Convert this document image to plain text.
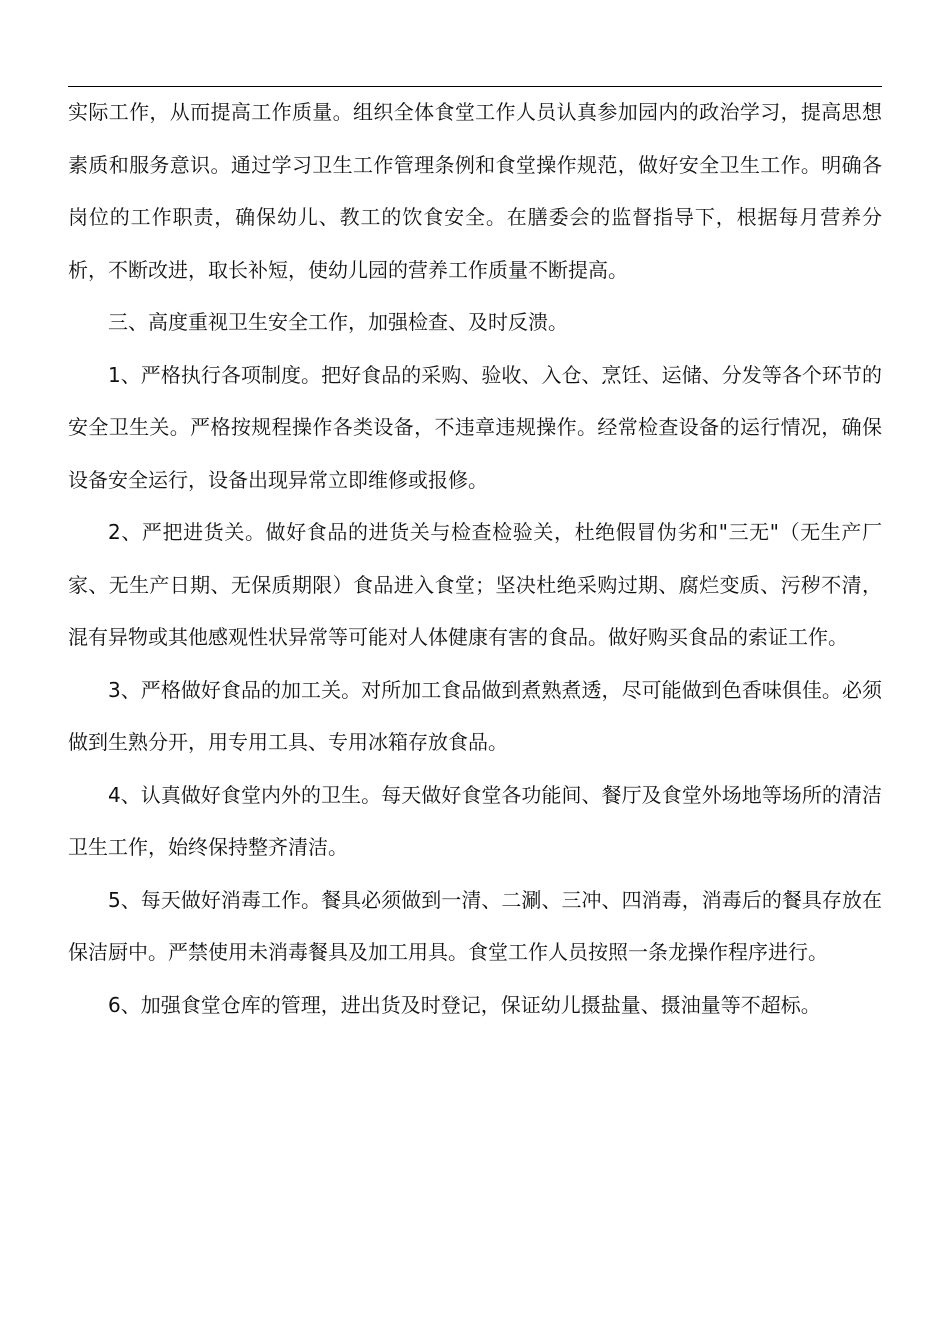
实际工作，从而提高工作质量。组织全体食堂工作人员认真参加园内的政治学习，提高思想素质和服务意识。通过学习卫生工作管理条例和食堂操作规范，做好安全卫生工作。明确各岗位的工作职责，确保幼儿、教工的饮食安全。在膳委会的监督指导下，根据每月营养分析，不断改进，取长补短，使幼儿园的营养工作质量不断提高。

三、高度重视卫生安全工作，加强检查、及时反溃。

1、严格执行各项制度。把好食品的采购、验收、入仓、烹饪、运储、分发等各个环节的安全卫生关。严格按规程操作各类设备，不违章违规操作。经常检查设备的运行情况，确保设备安全运行，设备出现异常立即维修或报修。

2、严把进货关。做好食品的进货关与检查检验关，杜绝假冒伪劣和"三无"（无生产厂家、无生产日期、无保质期限）食品进入食堂；坚决杜绝采购过期、腐烂变质、污秽不清，混有异物或其他感观性状异常等可能对人体健康有害的食品。做好购买食品的索证工作。

3、严格做好食品的加工关。对所加工食品做到煮熟煮透，尽可能做到色香味俱佳。必须做到生熟分开，用专用工具、专用冰箱存放食品。

4、认真做好食堂内外的卫生。每天做好食堂各功能间、餐厅及食堂外场地等场所的清洁卫生工作，始终保持整齐清洁。

5、每天做好消毒工作。餐具必须做到一清、二涮、三冲、四消毒，消毒后的餐具存放在保洁厨中。严禁使用未消毒餐具及加工用具。食堂工作人员按照一条龙操作程序进行。

6、加强食堂仓库的管理，进出货及时登记，保证幼儿摄盐量、摄油量等不超标。
